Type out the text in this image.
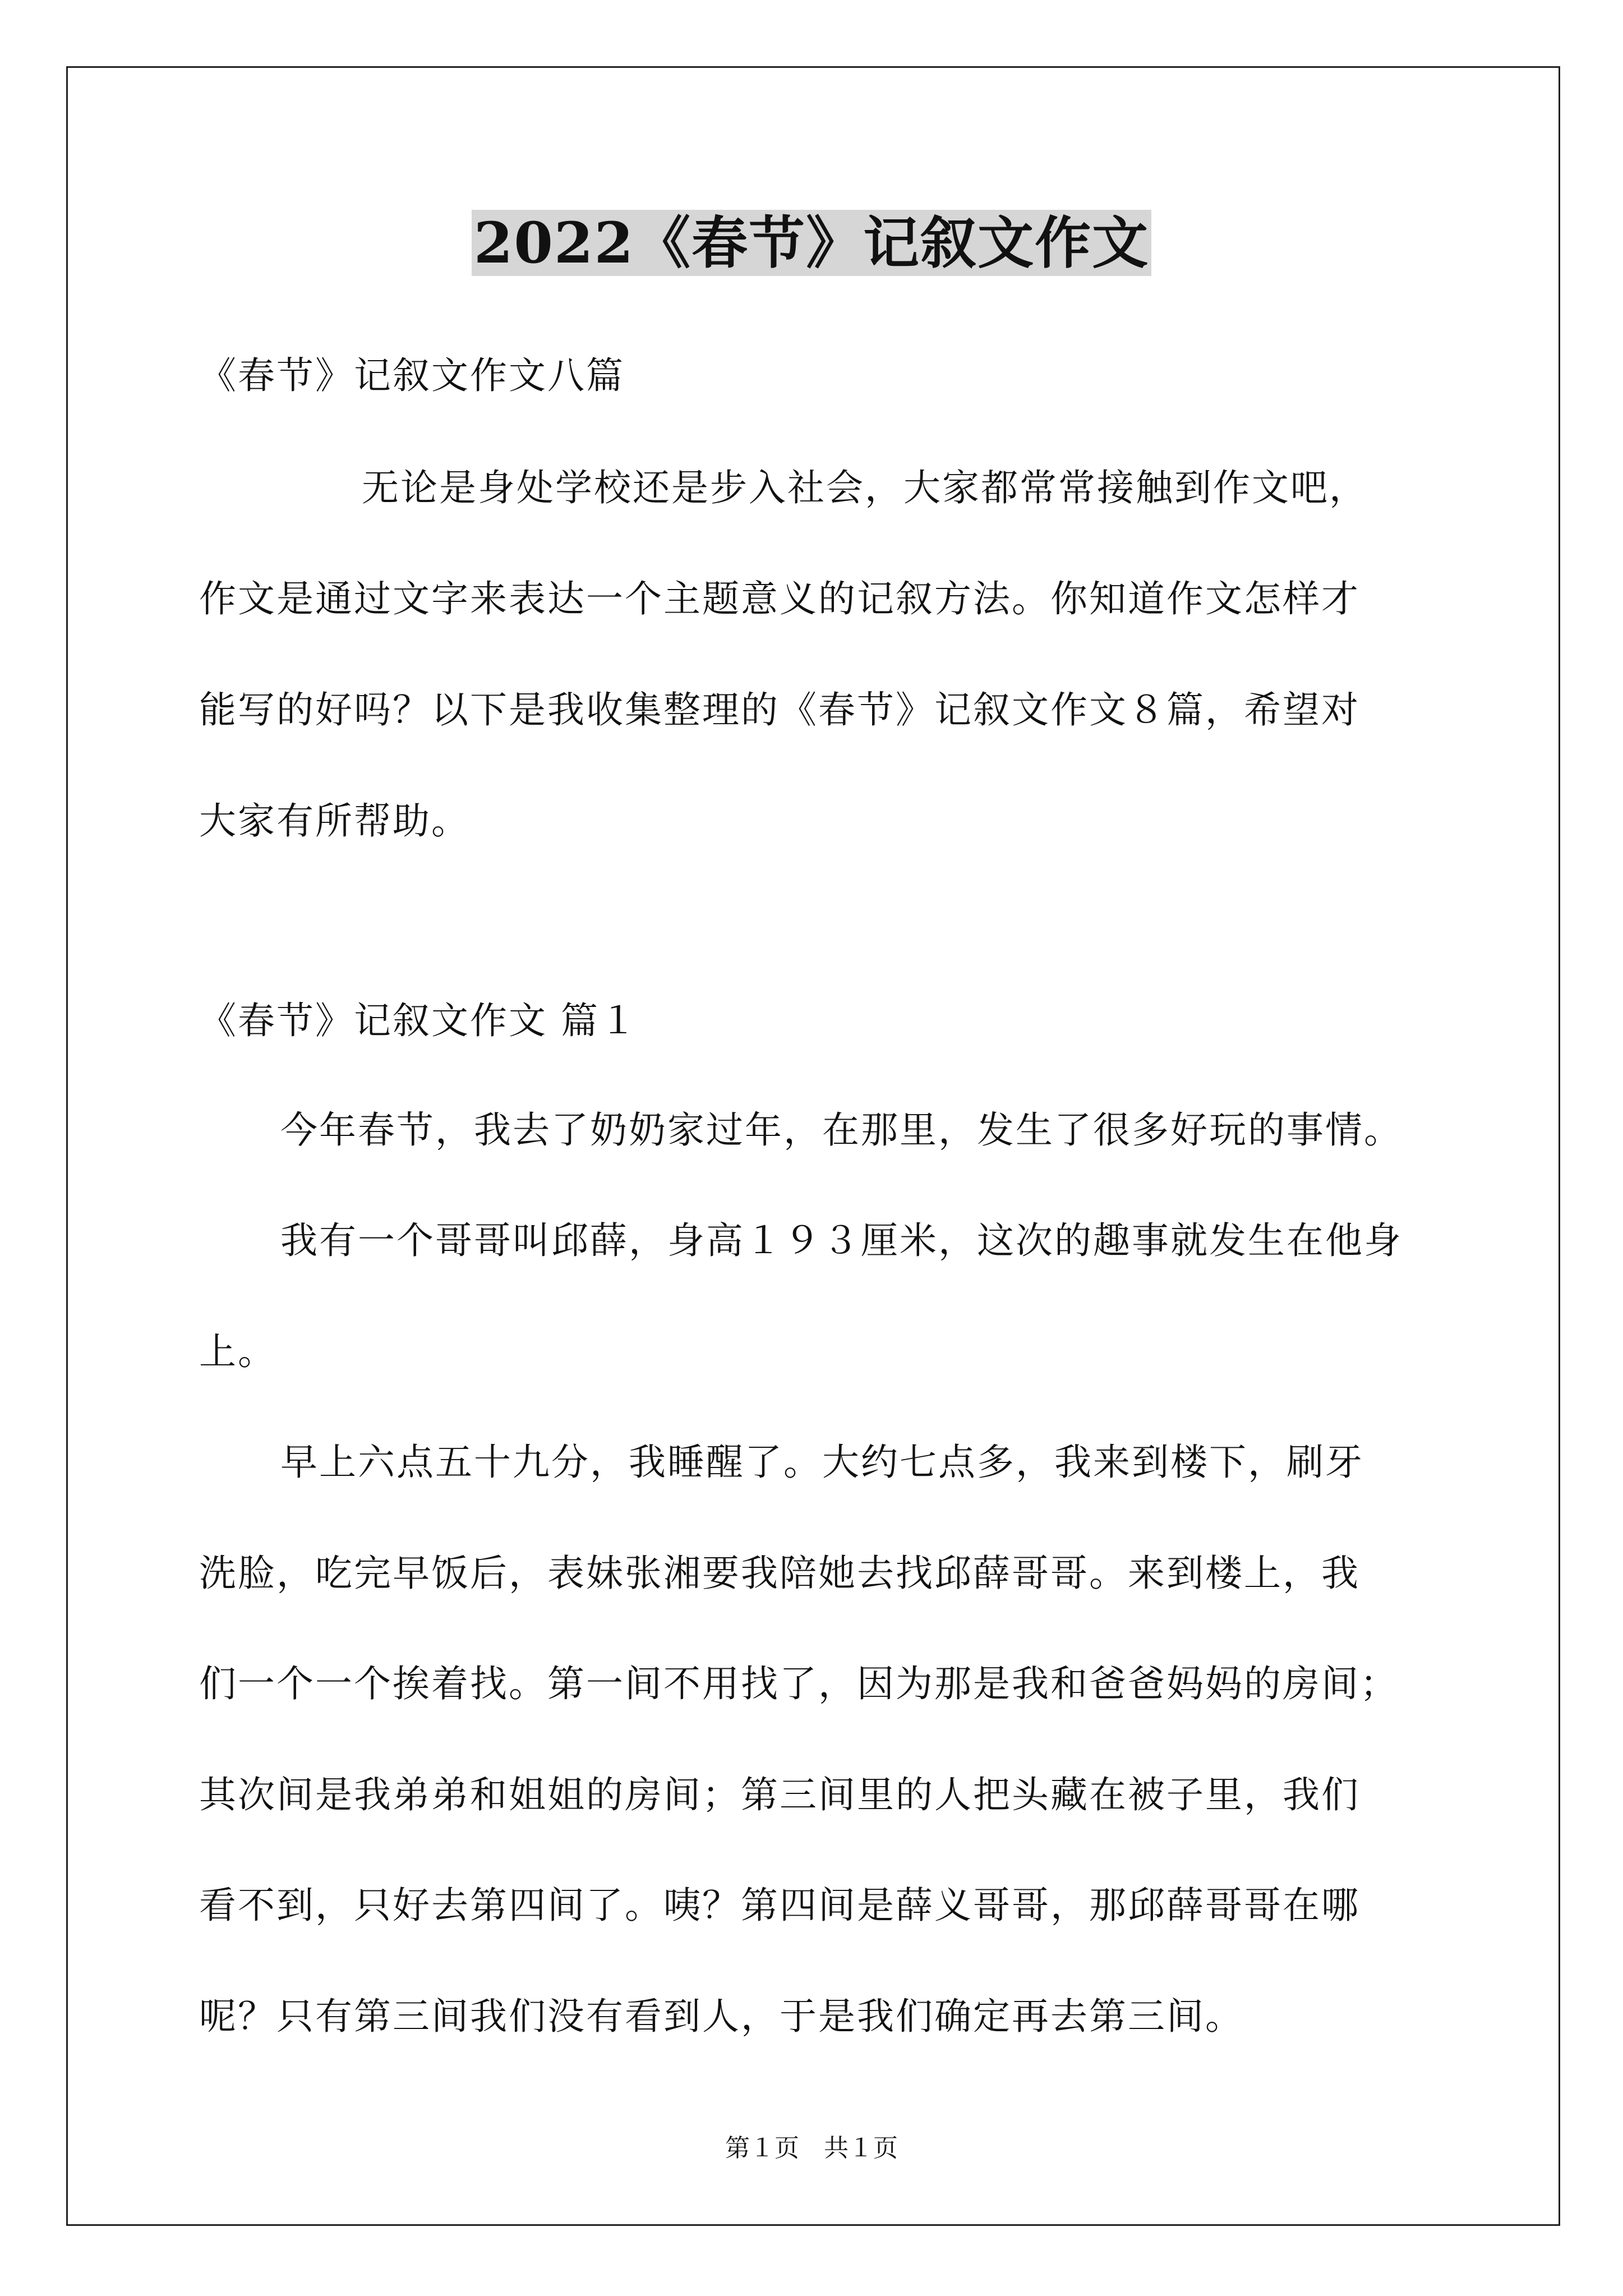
2022《春节》记叙文作文
《春节》记叙文作文八篇
无论是身处学校还是步入社会，大家都常常接触到作文吧，
作文是通过文字来表达一个主题意义的记叙方法。你知道作文怎样才
能写的好吗？以下是我收集整理的《春节》记叙文作文８篇，希望对
大家有所帮助。
《春节》记叙文作文 篇１
今年春节，我去了奶奶家过年，在那里，发生了很多好玩的事情。
我有一个哥哥叫邱薛，身高１９３厘米，这次的趣事就发生在他身
上。
早上六点五十九分，我睡醒了。大约七点多，我来到楼下，刷牙
洗脸，吃完早饭后，表妹张湘要我陪她去找邱薛哥哥。来到楼上，我
们一个一个挨着找。第一间不用找了，因为那是我和爸爸妈妈的房间；
其次间是我弟弟和姐姐的房间；第三间里的人把头藏在被子里，我们
看不到，只好去第四间了。咦？第四间是薛义哥哥，那邱薛哥哥在哪
呢？只有第三间我们没有看到人，于是我们确定再去第三间。
第１页　共１页
